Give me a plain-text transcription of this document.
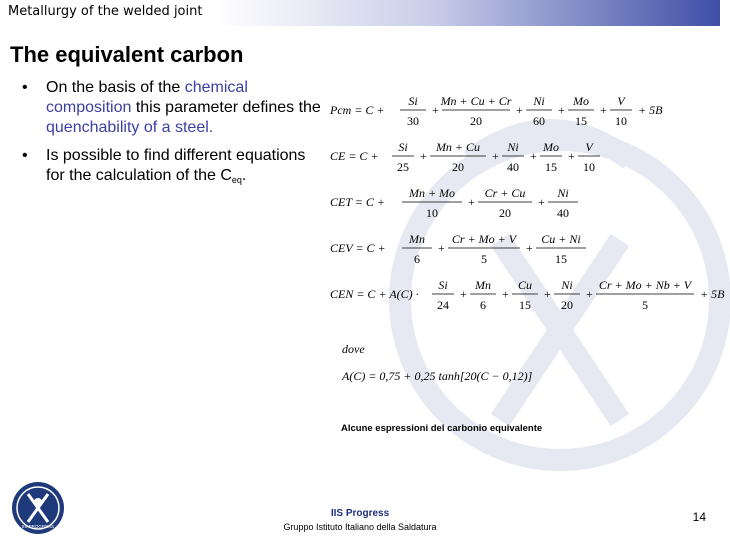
Metallurgy of the welded joint
The equivalent carbon
• On the basis of the chemical composition this parameter defines the quenchability of a steel.
• Is possible to find different equations for the calculation of the $C_{eq}$.
Pcm = C +
Si
30
+
Mn + Cu + Cr
20
+
Ni
60
+
Mo
15
+
V
10
+ 5B
CE = C +
Si
25
+
Mn + Cu
20
+
Ni
40
+
Mo
15
+
V
10
CET = C +
Mn + Mo
10
+
Cr + Cu
20
+
Ni
40
CEV = C +
Mn
6
+
Cr + Mo + V
5
+
Cu + Ni
15
CEN = C + A(C) ·
Si
24
+
Mn
6
+
Cu
15
+
Ni
20
+
Cr + Mo + Nb + V
5
+ 5B
dove
A(C) = 0,75 + 0,25 tanh[20(C − 0,12)]
Alcune espressioni del carbonio equivalente
IIS PROGRESS
IIS Progress
Gruppo Istituto Italiano della Saldatura
14
